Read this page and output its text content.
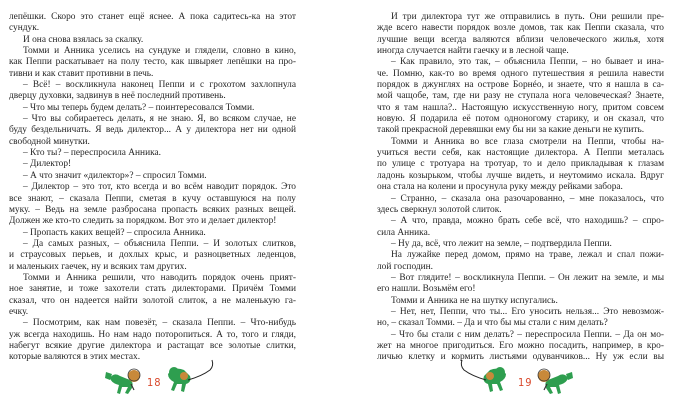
лепёшки. Скоро это станет ещё яснее. А пока садитесь-ка на этот
сундук.
И она снова взялась за скалку.
Томми и Анника уселись на сундуке и глядели, словно в кино,
как Пеппи раскатывает на полу тесто, как швыряет лепёшки на про-
тивни и как ставит противни в печь.
– Всё! – воскликнула наконец Пеппи и с грохотом захлопнула
дверцу духовки, задвинув в неё последний противень.
– Что мы теперь будем делать? – поинтересовался Томми.
– Что вы собираетесь делать, я не знаю. Я, во всяком случае, не
буду бездельничать. Я ведь дилектор... А у дилектора нет ни одной
свободной минутки.
– Кто ты? – переспросила Анника.
– Дилектор!
– А что значит «дилектор»? – спросил Томми.
– Дилектор – это тот, кто всегда и во всём наводит порядок. Это
все знают, – сказала Пеппи, сметая в кучу оставшуюся на полу
муку. – Ведь на земле разбросана пропасть всяких разных вещей.
Должен же кто-то следить за порядком. Вот это и делает дилектор!
– Пропасть каких вещей? – спросила Анника.
– Да самых разных, – объяснила Пеппи. – И золотых слитков,
и страусовых перьев, и дохлых крыс, и разноцветных леденцов,
и маленьких гаечек, ну и всяких там других.
Томми и Анника решили, что наводить порядок очень прият-
ное занятие, и тоже захотели стать дилекторами. Причём Томми
сказал, что он надеется найти золотой слиток, а не маленькую га-
ечку.
– Посмотрим, как нам повезёт, – сказала Пеппи. – Что-нибудь
уж всегда находишь. Но нам надо поторопиться. А то, того и гляди,
набегут всякие другие дилектора и растащат все золотые слитки,
которые валяются в этих местах.
И три дилектора тут же отправились в путь. Они решили пре-
жде всего навести порядок возле домов, так как Пеппи сказала, что
лучшие вещи всегда валяются вблизи человеческого жилья, хотя
иногда случается найти гаечку и в лесной чаще.
– Как правило, это так, – объяснила Пеппи, – но бывает и ина-
че. Помню, как-то во время одного путешествия я решила навести
порядок в джунглях на острове Борнéо, и знаете, что я нашла в са-
мой чащобе, там, где ни разу не ступала нога человеческая? Знаете,
что я там нашла?.. Настоящую искусственную ногу, притом совсем
новую. Я подарила её потом одноногому старику, и он сказал, что
такой прекрасной деревяшки ему бы ни за какие деньги не купить.
Томми и Анника во все глаза смотрели на Пеппи, чтобы на-
учиться вести себя, как настоящие дилектора. А Пеппи металась
по улице с тротуара на тротуар, то и дело прикладывая к глазам
ладонь козырьком, чтобы лучше видеть, и неутомимо искала. Вдруг
она стала на колени и просунула руку между рейками забора.
– Странно, – сказала она разочарованно, – мне показалось, что
здесь сверкнул золотой слиток.
– А что, правда, можно брать себе всё, что находишь? – спро-
сила Анника.
– Ну да, всё, что лежит на земле, – подтвердила Пеппи.
На лужайке перед домом, прямо на траве, лежал и спал пожи-
лой господин.
– Вот глядите! – воскликнула Пеппи. – Он лежит на земле, и мы
его нашли. Возьмём его!
Томми и Анника не на шутку испугались.
– Нет, нет, Пеппи, что ты... Его уносить нельзя... Это невозмож-
но, – сказал Томми. – Да и что бы мы стали с ним делать?
– Что бы стали с ним делать? – переспросила Пеппи. – Да он мо-
жет на многое пригодиться. Его можно посадить, например, в кро-
личью клетку и кормить листьями одуванчиков... Ну уж если вы
18	19
